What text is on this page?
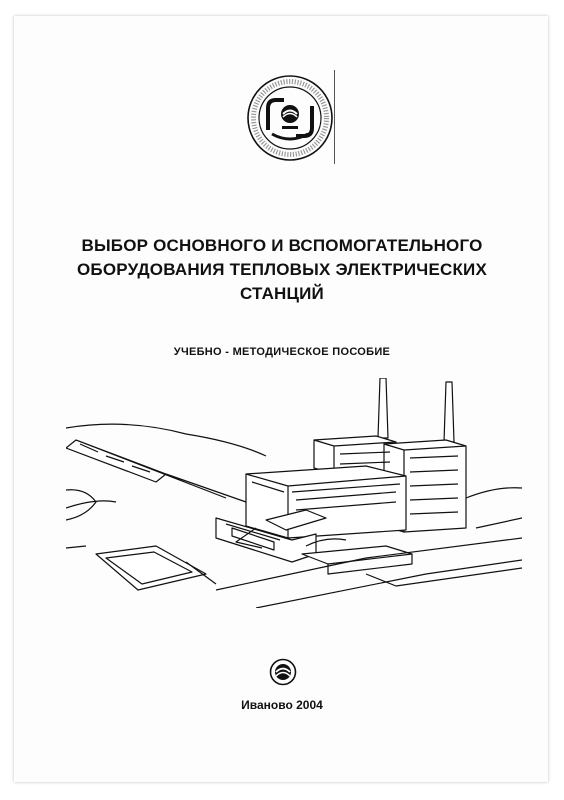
ВЫБОР ОСНОВНОГО И ВСПОМОГАТЕЛЬНОГО
ОБОРУДОВАНИЯ ТЕПЛОВЫХ ЭЛЕКТРИЧЕСКИХ
СТАНЦИЙ
УЧЕБНО - МЕТОДИЧЕСКОЕ ПОСОБИЕ
Иваново 2004
